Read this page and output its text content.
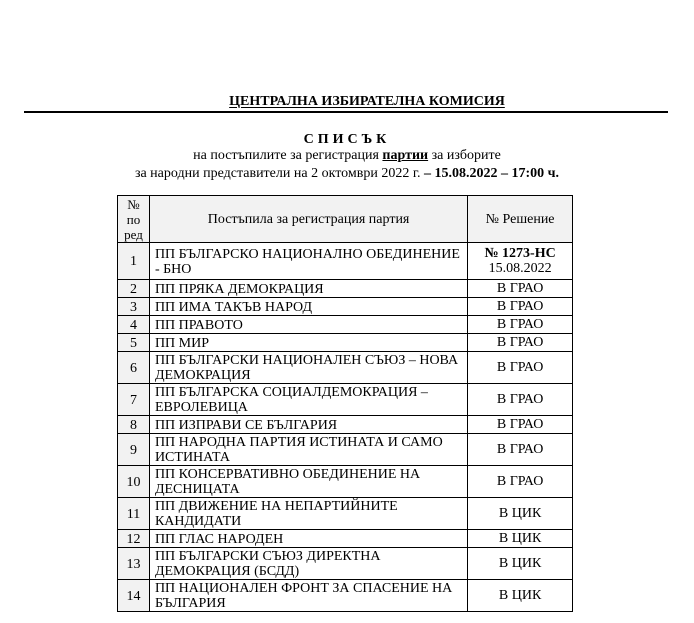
ЦЕНТРАЛНА ИЗБИРАТЕЛНА КОМИСИЯ
СПИСЪК
на постъпилите за регистрация партии за изборите
за народни представители на 2 октомври 2022 г. – 15.08.2022 – 17:00 ч.
№
по
ред	Постъпила за регистрация партия	№ Решение
1	ПП БЪЛГАРСКО НАЦИОНАЛНО ОБЕДИНЕНИЕ - БНО	№ 1273-НС
15.08.2022

2	ПП ПРЯКА ДЕМОКРАЦИЯ	В ГРАО
3	ПП ИМА ТАКЪВ НАРОД	В ГРАО
4	ПП ПРАВОТО	В ГРАО
5	ПП МИР	В ГРАО
6	ПП БЪЛГАРСКИ НАЦИОНАЛЕН СЪЮЗ – НОВА ДЕМОКРАЦИЯ	В ГРАО
7	ПП БЪЛГАРСКА СОЦИАЛДЕМОКРАЦИЯ – ЕВРОЛЕВИЦА	В ГРАО
8	ПП ИЗПРАВИ СЕ БЪЛГАРИЯ	В ГРАО
9	ПП НАРОДНА ПАРТИЯ ИСТИНАТА И САМО ИСТИНАТА	В ГРАО
10	ПП КОНСЕРВАТИВНО ОБЕДИНЕНИЕ НА ДЕСНИЦАТА	В ГРАО
11	ПП ДВИЖЕНИЕ НА НЕПАРТИЙНИТЕ КАНДИДАТИ	В ЦИК
12	ПП ГЛАС НАРОДЕН	В ЦИК
13	ПП БЪЛГАРСКИ СЪЮЗ ДИРЕКТНА ДЕМОКРАЦИЯ (БСДД)	В ЦИК
14	ПП НАЦИОНАЛЕН ФРОНТ ЗА СПАСЕНИЕ НА БЪЛГАРИЯ	В ЦИК
